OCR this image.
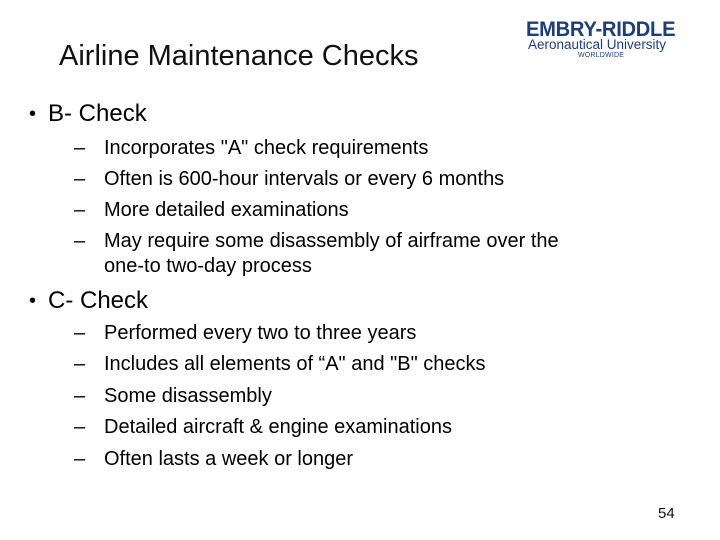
Airline Maintenance Checks
EMBRY-RIDDLE
Aeronautical University
WORLDWIDE
• B- Check
– Incorporates "A" check requirements
– Often is 600-hour intervals or every 6 months
– More detailed examinations
– May require some disassembly of airframe over the
one-to two-day process
• C- Check
– Performed every two to three years
– Includes all elements of “A" and "B" checks
– Some disassembly
– Detailed aircraft & engine examinations
– Often lasts a week or longer
54
